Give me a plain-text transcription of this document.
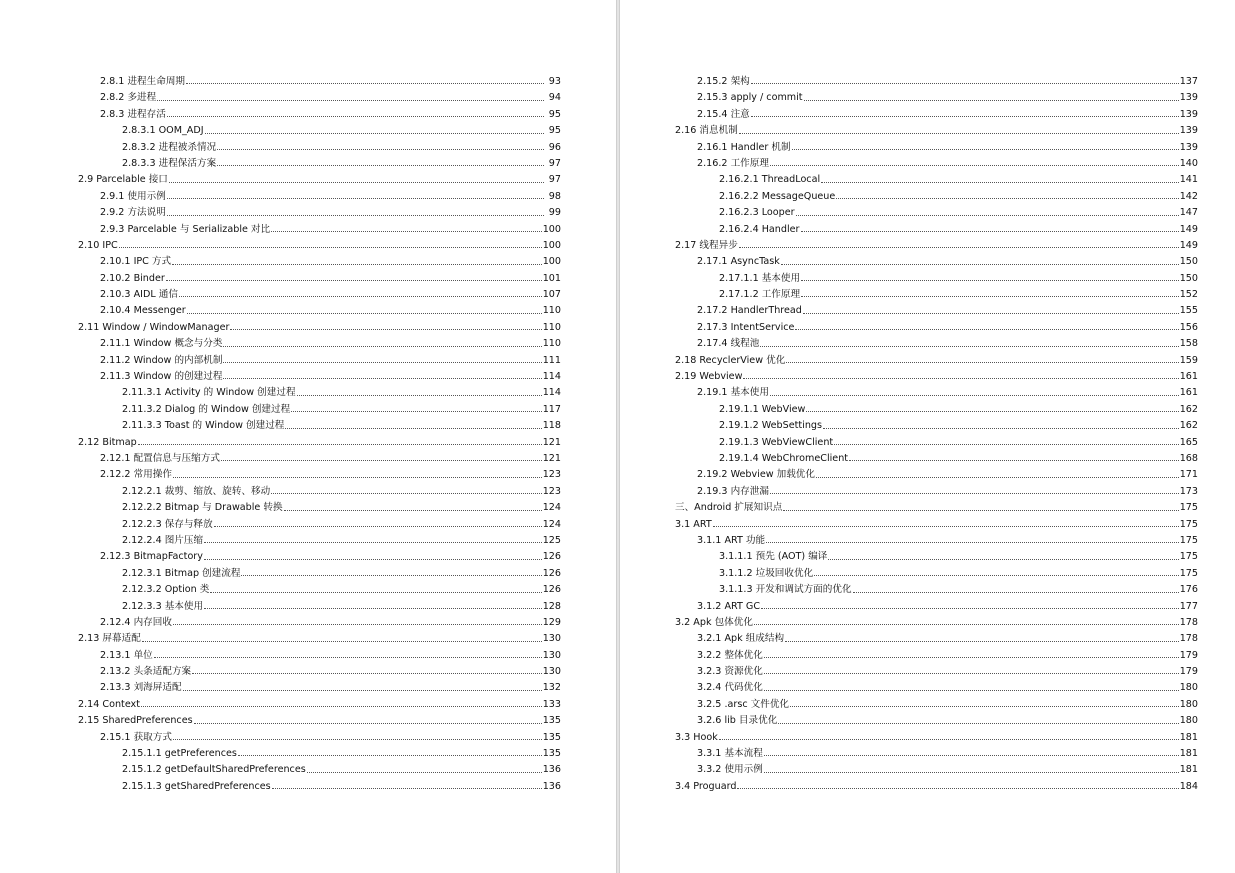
2.8.1 进程生命周期	93
2.8.2 多进程	94
2.8.3 进程存活	95
2.8.3.1 OOM_ADJ	95
2.8.3.2 进程被杀情况	96
2.8.3.3 进程保活方案	97
2.9 Parcelable 接口	97
2.9.1 使用示例	98
2.9.2 方法说明	99
2.9.3 Parcelable 与 Serializable 对比	100
2.10 IPC	100
2.10.1 IPC 方式	100
2.10.2 Binder	101
2.10.3 AIDL 通信	107
2.10.4 Messenger	110
2.11 Window / WindowManager	110
2.11.1 Window 概念与分类	110
2.11.2 Window 的内部机制	111
2.11.3 Window 的创建过程	114
2.11.3.1 Activity 的 Window 创建过程	114
2.11.3.2 Dialog 的 Window 创建过程	117
2.11.3.3 Toast 的 Window 创建过程	118
2.12 Bitmap	121
2.12.1 配置信息与压缩方式	121
2.12.2 常用操作	123
2.12.2.1 裁剪、缩放、旋转、移动	123
2.12.2.2 Bitmap 与 Drawable 转换	124
2.12.2.3 保存与释放	124
2.12.2.4 图片压缩	125
2.12.3 BitmapFactory	126
2.12.3.1 Bitmap 创建流程	126
2.12.3.2 Option 类	126
2.12.3.3 基本使用	128
2.12.4 内存回收	129
2.13 屏幕适配	130
2.13.1 单位	130
2.13.2 头条适配方案	130
2.13.3 刘海屏适配	132
2.14 Context	133
2.15 SharedPreferences	135
2.15.1 获取方式	135
2.15.1.1 getPreferences	135
2.15.1.2 getDefaultSharedPreferences	136
2.15.1.3 getSharedPreferences	136
2.15.2 架构	137
2.15.3 apply / commit	139
2.15.4 注意	139
2.16 消息机制	139
2.16.1 Handler 机制	139
2.16.2 工作原理	140
2.16.2.1 ThreadLocal	141
2.16.2.2 MessageQueue	142
2.16.2.3 Looper	147
2.16.2.4 Handler	149
2.17 线程异步	149
2.17.1 AsyncTask	150
2.17.1.1 基本使用	150
2.17.1.2 工作原理	152
2.17.2 HandlerThread	155
2.17.3 IntentService	156
2.17.4 线程池	158
2.18 RecyclerView 优化	159
2.19 Webview	161
2.19.1 基本使用	161
2.19.1.1 WebView	162
2.19.1.2 WebSettings	162
2.19.1.3 WebViewClient	165
2.19.1.4 WebChromeClient	168
2.19.2 Webview 加载优化	171
2.19.3 内存泄漏	173
三、Android 扩展知识点	175
3.1 ART	175
3.1.1 ART 功能	175
3.1.1.1 预先 (AOT) 编译	175
3.1.1.2 垃圾回收优化	175
3.1.1.3 开发和调试方面的优化	176
3.1.2 ART GC	177
3.2 Apk 包体优化	178
3.2.1 Apk 组成结构	178
3.2.2 整体优化	179
3.2.3 资源优化	179
3.2.4 代码优化	180
3.2.5 .arsc 文件优化	180
3.2.6 lib 目录优化	180
3.3 Hook	181
3.3.1 基本流程	181
3.3.2 使用示例	181
3.4 Proguard	184
